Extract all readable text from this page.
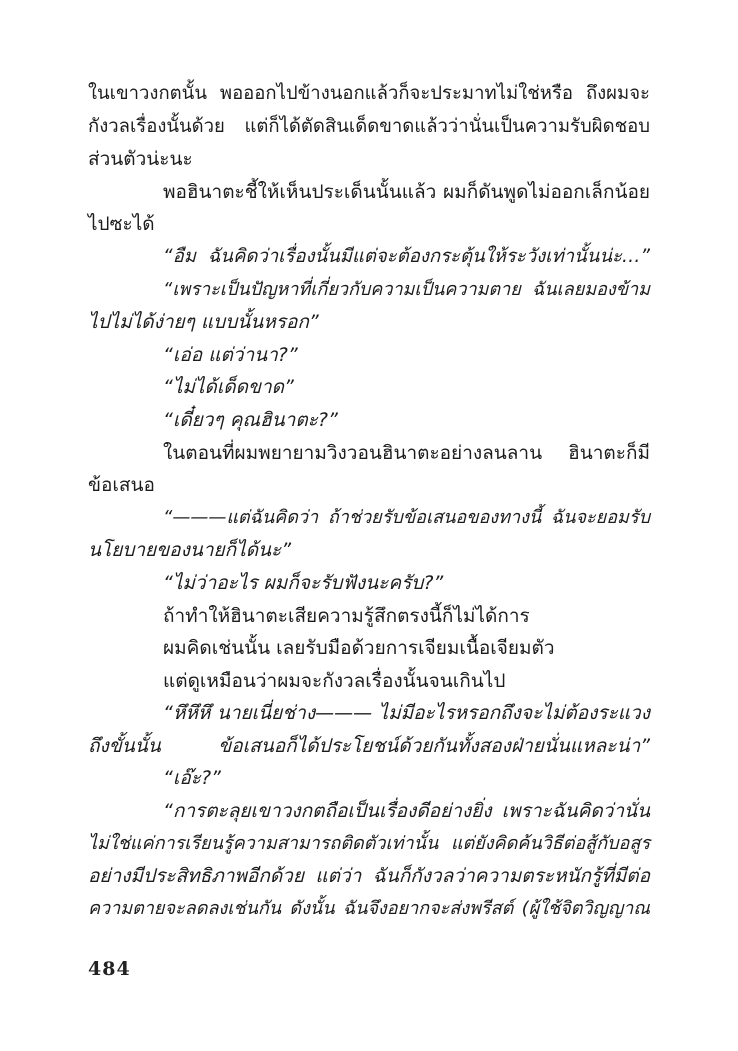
ในเขาวงกตนั้น พอออกไปข้างนอกแล้วก็จะประมาทไม่ใช่หรือ ถึงผมจะ
กังวลเรื่องนั้นด้วย แต่ก็ได้ตัดสินเด็ดขาดแล้วว่านั่นเป็นความรับผิดชอบ
ส่วนตัวน่ะนะ
พอฮินาตะชี้ให้เห็นประเด็นนั้นแล้ว ผมก็ดันพูดไม่ออกเล็กน้อย
ไปซะได้
“อืม ฉันคิดว่าเรื่องนั้นมีแต่จะต้องกระตุ้นให้ระวังเท่านั้นน่ะ…”
“เพราะเป็นปัญหาที่เกี่ยวกับความเป็นความตาย ฉันเลยมองข้าม
ไปไม่ได้ง่ายๆ แบบนั้นหรอก”
“เอ่อ แต่ว่านา?”
“ไม่ได้เด็ดขาด”
“เดี๋ยวๆ คุณฮินาตะ?”
ในตอนที่ผมพยายามวิงวอนฮินาตะอย่างลนลาน ฮินาตะก็มี
ข้อเสนอ
“———แต่ฉันคิดว่า ถ้าช่วยรับข้อเสนอของทางนี้ ฉันจะยอมรับ
นโยบายของนายก็ได้นะ”
“ไม่ว่าอะไร ผมก็จะรับฟังนะครับ?”
ถ้าทำให้ฮินาตะเสียความรู้สึกตรงนี้ก็ไม่ได้การ
ผมคิดเช่นนั้น เลยรับมือด้วยการเจียมเนื้อเจียมตัว
แต่ดูเหมือนว่าผมจะกังวลเรื่องนั้นจนเกินไป
“หึหึหึ นายเนี่ยช่าง——— ไม่มีอะไรหรอกถึงจะไม่ต้องระแวง
ถึงขั้นนั้น ข้อเสนอก็ได้ประโยชน์ด้วยกันทั้งสองฝ่ายนั่นแหละน่า”
“เอ๊ะ?”
“การตะลุยเขาวงกตถือเป็นเรื่องดีอย่างยิ่ง เพราะฉันคิดว่านั่น
ไม่ใช่แค่การเรียนรู้ความสามารถติดตัวเท่านั้น แต่ยังคิดค้นวิธีต่อสู้กับอสูร
อย่างมีประสิทธิภาพอีกด้วย แต่ว่า ฉันก็กังวลว่าความตระหนักรู้ที่มีต่อ
ความตายจะลดลงเช่นกัน ดังนั้น ฉันจึงอยากจะส่งพรีสต์ (ผู้ใช้จิตวิญญาณ
484
